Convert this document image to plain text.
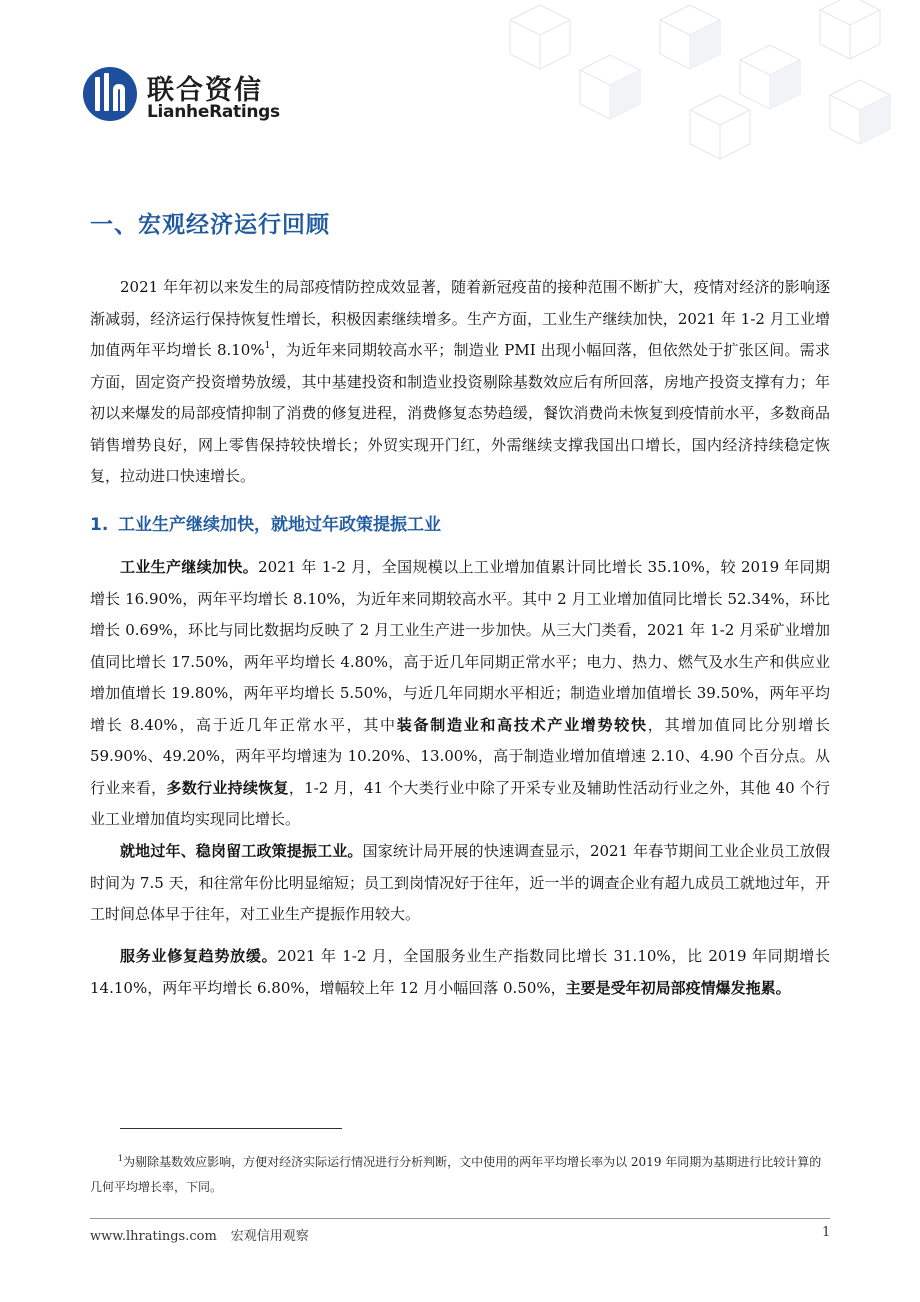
联合资信
LianheRatings
一、宏观经济运行回顾

2021 年年初以来发生的局部疫情防控成效显著，随着新冠疫苗的接种范围不断扩大，疫情对经济的影响逐渐减弱，经济运行保持恢复性增长，积极因素继续增多。生产方面，工业生产继续加快，2021 年 1-2 月工业增加值两年平均增长 8.10%$^1$，为近年来同期较高水平；制造业 PMI 出现小幅回落，但依然处于扩张区间。需求方面，固定资产投资增势放缓，其中基建投资和制造业投资剔除基数效应后有所回落，房地产投资支撑有力；年初以来爆发的局部疫情抑制了消费的修复进程，消费修复态势趋缓，餐饮消费尚未恢复到疫情前水平，多数商品销售增势良好，网上零售保持较快增长；外贸实现开门红，外需继续支撑我国出口增长，国内经济持续稳定恢复，拉动进口快速增长。

1. 工业生产继续加快，就地过年政策提振工业

工业生产继续加快。2021 年 1-2 月，全国规模以上工业增加值累计同比增长 35.10%，较 2019 年同期增长 16.90%，两年平均增长 8.10%，为近年来同期较高水平。其中 2 月工业增加值同比增长 52.34%，环比增长 0.69%，环比与同比数据均反映了 2 月工业生产进一步加快。从三大门类看，2021 年 1-2 月采矿业增加值同比增长 17.50%，两年平均增长 4.80%，高于近几年同期正常水平；电力、热力、燃气及水生产和供应业增加值增长 19.80%，两年平均增长 5.50%，与近几年同期水平相近；制造业增加值增长 39.50%，两年平均增长 8.40%，高于近几年正常水平，其中装备制造业和高技术产业增势较快，其增加值同比分别增长 59.90%、49.20%，两年平均增速为 10.20%、13.00%，高于制造业增加值增速 2.10、4.90 个百分点。从行业来看，多数行业持续恢复，1-2 月，41 个大类行业中除了开采专业及辅助性活动行业之外，其他 40 个行业工业增加值均实现同比增长。

就地过年、稳岗留工政策提振工业。国家统计局开展的快速调查显示，2021 年春节期间工业企业员工放假时间为 7.5 天，和往常年份比明显缩短；员工到岗情况好于往年，近一半的调查企业有超九成员工就地过年，开工时间总体早于往年，对工业生产提振作用较大。

服务业修复趋势放缓。2021 年 1-2 月，全国服务业生产指数同比增长 31.10%，比 2019 年同期增长 14.10%，两年平均增长 6.80%，增幅较上年 12 月小幅回落 0.50%，主要是受年初局部疫情爆发拖累。

$^1$为剔除基数效应影响，方便对经济实际运行情况进行分析判断，文中使用的两年平均增长率为以 2019 年同期为基期进行比较计算的几何平均增长率，下同。

www.lhratings.com 宏观信用观察	1
